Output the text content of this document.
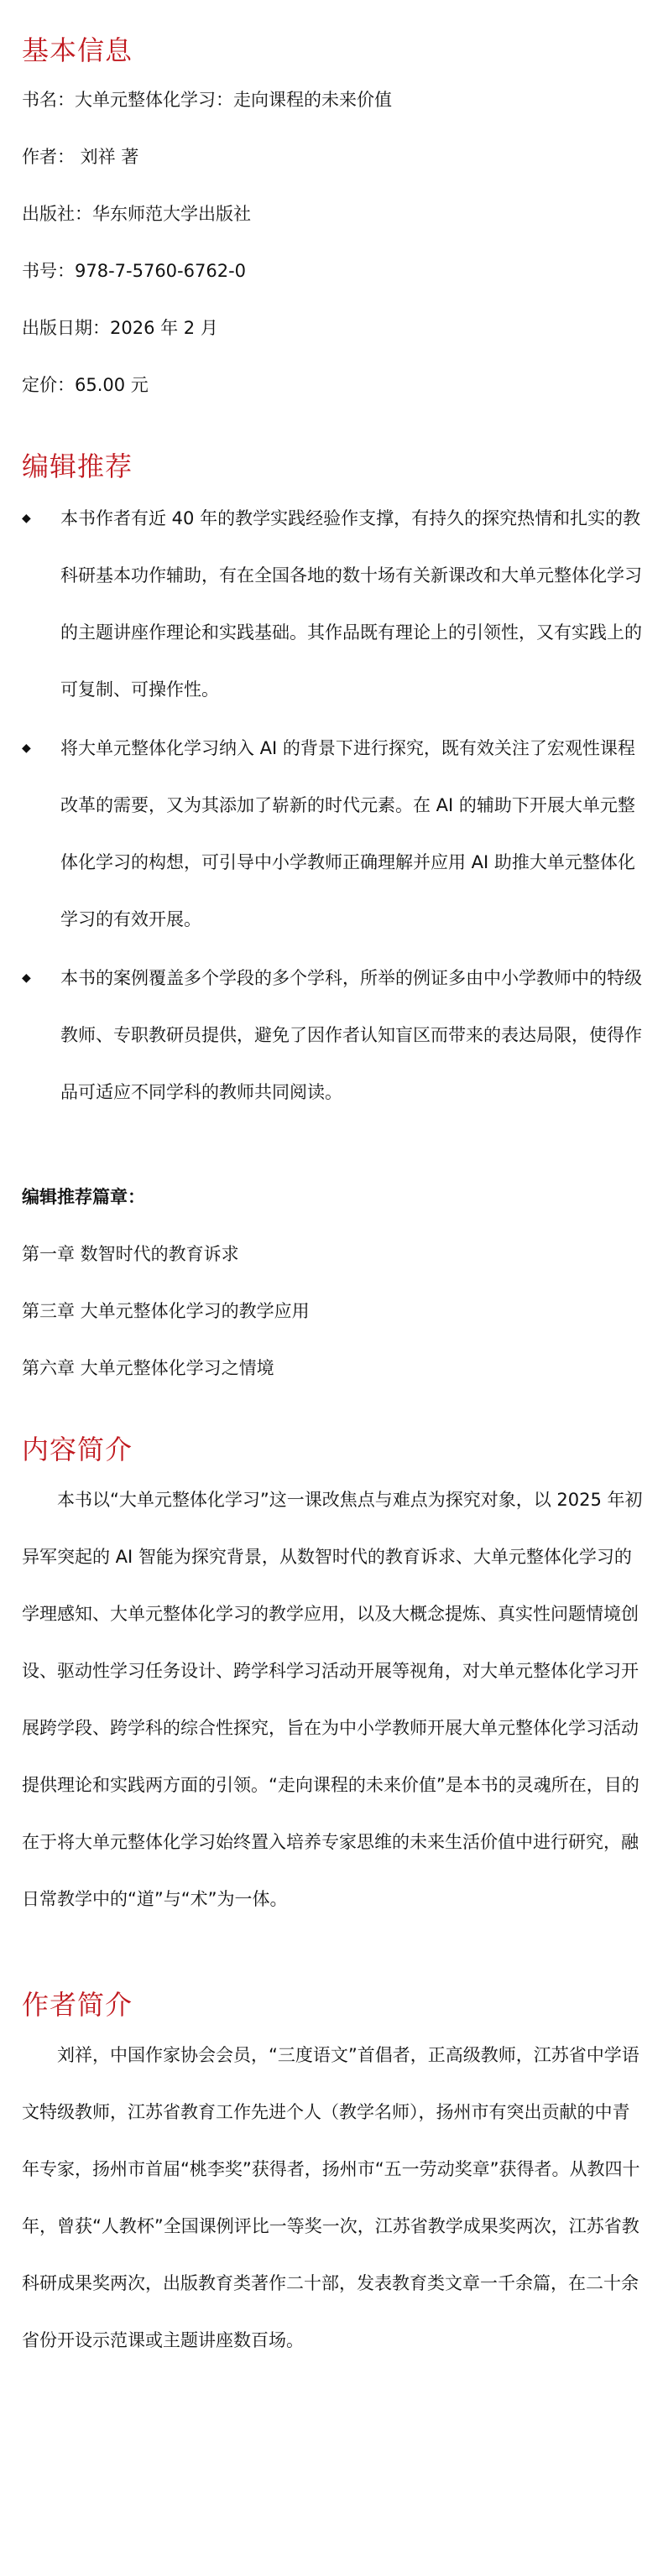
基本信息

书名：大单元整体化学习：走向课程的未来价值

作者： 刘祥 著

出版社：华东师范大学出版社

书号：978-7-5760-6762-0

出版日期：2026 年 2 月

定价：65.00 元

编辑推荐
◆	本书作者有近 40 年的教学实践经验作支撑，有持久的探究热情和扎实的教科研基本功作辅助，有在全国各地的数十场有关新课改和大单元整体化学习的主题讲座作理论和实践基础。其作品既有理论上的引领性，又有实践上的可复制、可操作性。
◆	将大单元整体化学习纳入 AI 的背景下进行探究，既有效关注了宏观性课程改革的需要，又为其添加了崭新的时代元素。在 AI 的辅助下开展大单元整体化学习的构想，可引导中小学教师正确理解并应用 AI 助推大单元整体化学习的有效开展。
◆	本书的案例覆盖多个学段的多个学科，所举的例证多由中小学教师中的特级教师、专职教研员提供，避免了因作者认知盲区而带来的表达局限，使得作品可适应不同学科的教师共同阅读。

编辑推荐篇章：

第一章 数智时代的教育诉求

第三章 大单元整体化学习的教学应用

第六章 大单元整体化学习之情境

内容简介

本书以“大单元整体化学习”这一课改焦点与难点为探究对象，以 2025 年初异军突起的 AI 智能为探究背景，从数智时代的教育诉求、大单元整体化学习的学理感知、大单元整体化学习的教学应用，以及大概念提炼、真实性问题情境创设、驱动性学习任务设计、跨学科学习活动开展等视角，对大单元整体化学习开展跨学段、跨学科的综合性探究，旨在为中小学教师开展大单元整体化学习活动提供理论和实践两方面的引领。“走向课程的未来价值”是本书的灵魂所在，目的在于将大单元整体化学习始终置入培养专家思维的未来生活价值中进行研究，融日常教学中的“道”与“术”为一体。

作者简介

刘祥，中国作家协会会员，“三度语文”首倡者，正高级教师，江苏省中学语文特级教师，江苏省教育工作先进个人（教学名师），扬州市有突出贡献的中青年专家，扬州市首届“桃李奖”获得者，扬州市“五一劳动奖章”获得者。从教四十年，曾获“人教杯”全国课例评比一等奖一次，江苏省教学成果奖两次，江苏省教科研成果奖两次，出版教育类著作二十部，发表教育类文章一千余篇，在二十余省份开设示范课或主题讲座数百场。
